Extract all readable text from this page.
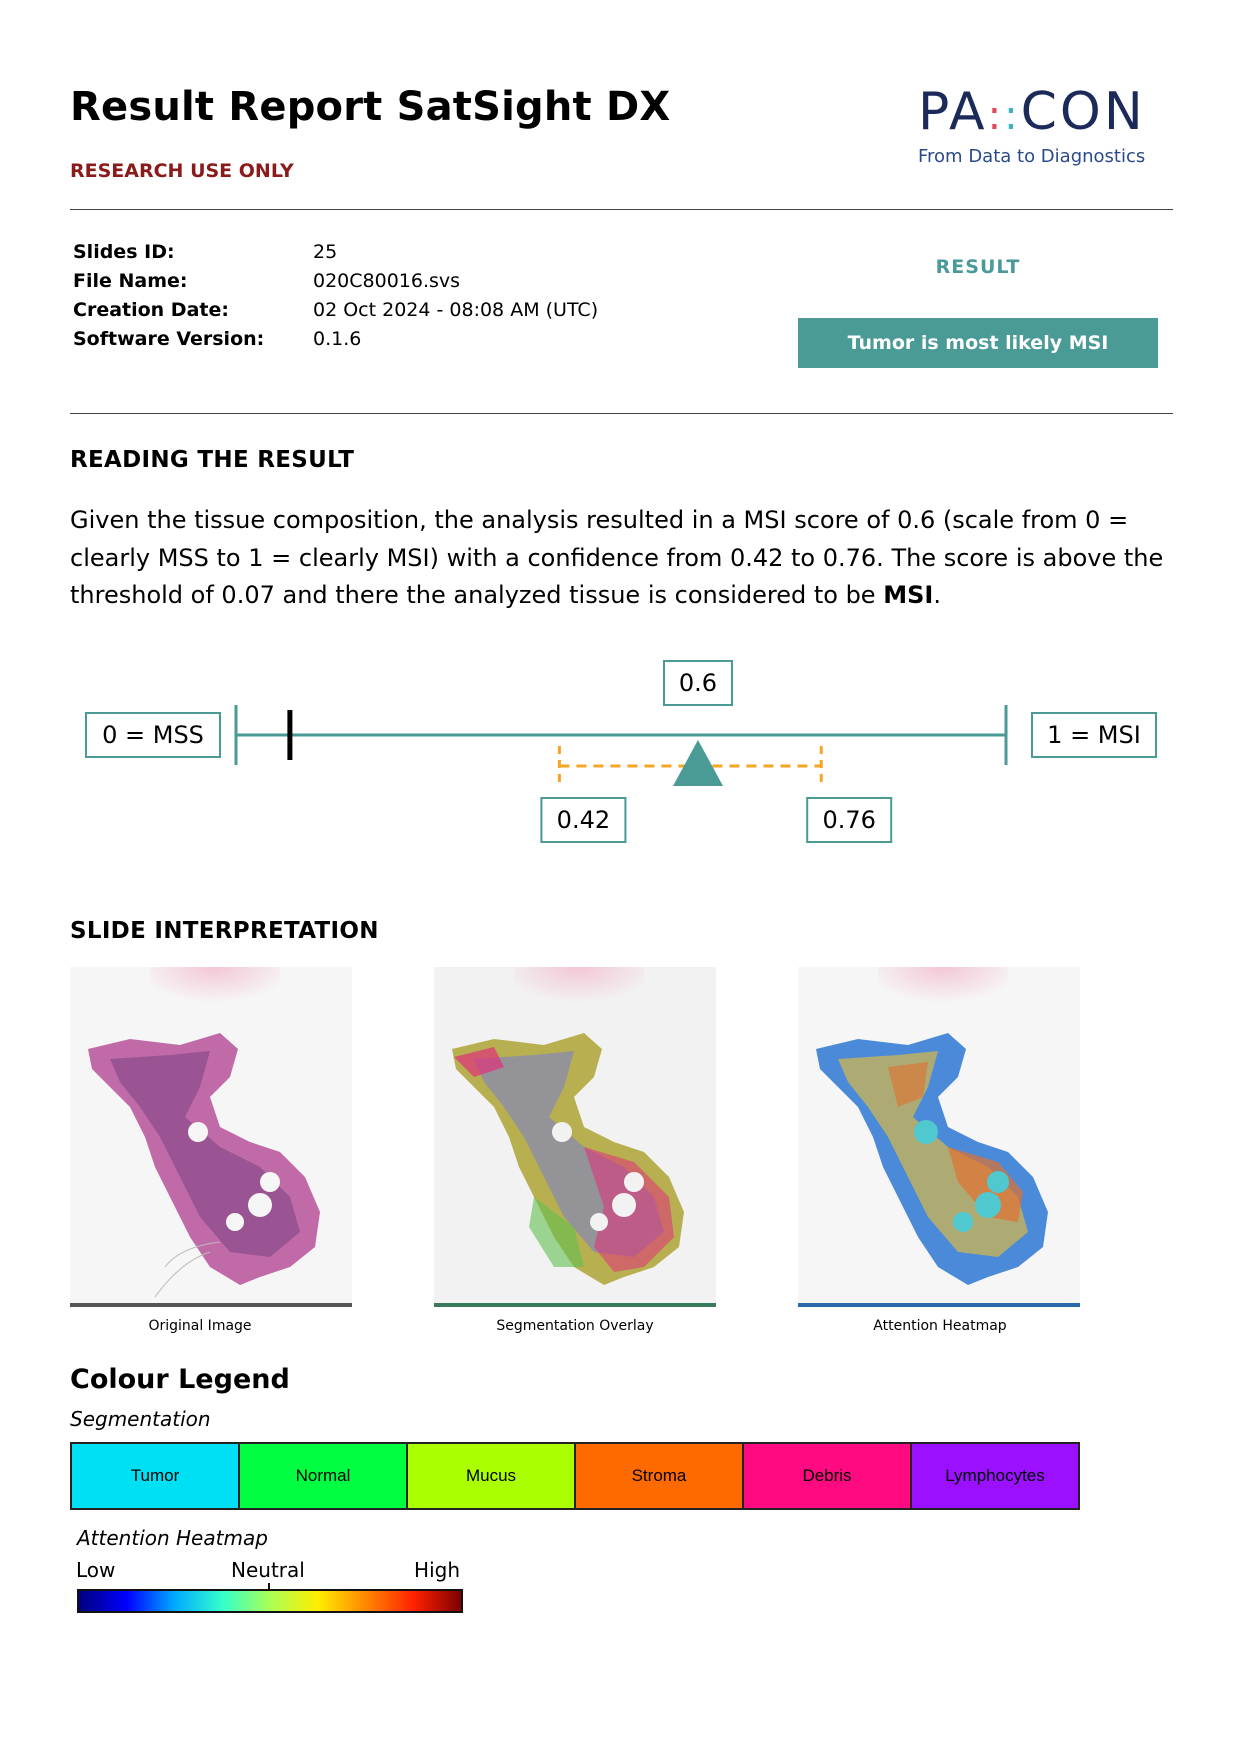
Result Report SatSight DX
RESEARCH USE ONLY
PA::CON
From Data to Diagnostics
Slides ID:	25
File Name:	020C80016.svs
Creation Date:	02 Oct 2024 - 08:08 AM (UTC)
Software Version:	0.1.6
RESULT
Tumor is most likely MSI
READING THE RESULT
Given the tissue composition, the analysis resulted in a MSI score of 0.6 (scale from 0 = clearly MSS to 1 = clearly MSI) with a confidence from 0.42 to 0.76. The score is above the threshold of 0.07 and there the analyzed tissue is considered to be MSI.
0 = MSS	1 = MSI
0.6
0.42	0.76
SLIDE INTERPRETATION
Original Image	Segmentation Overlay	Attention Heatmap
Colour Legend
Segmentation
Tumor	Normal	Mucus	Stroma	Debris	Lymphocytes
Attention Heatmap
Low	Neutral	High
